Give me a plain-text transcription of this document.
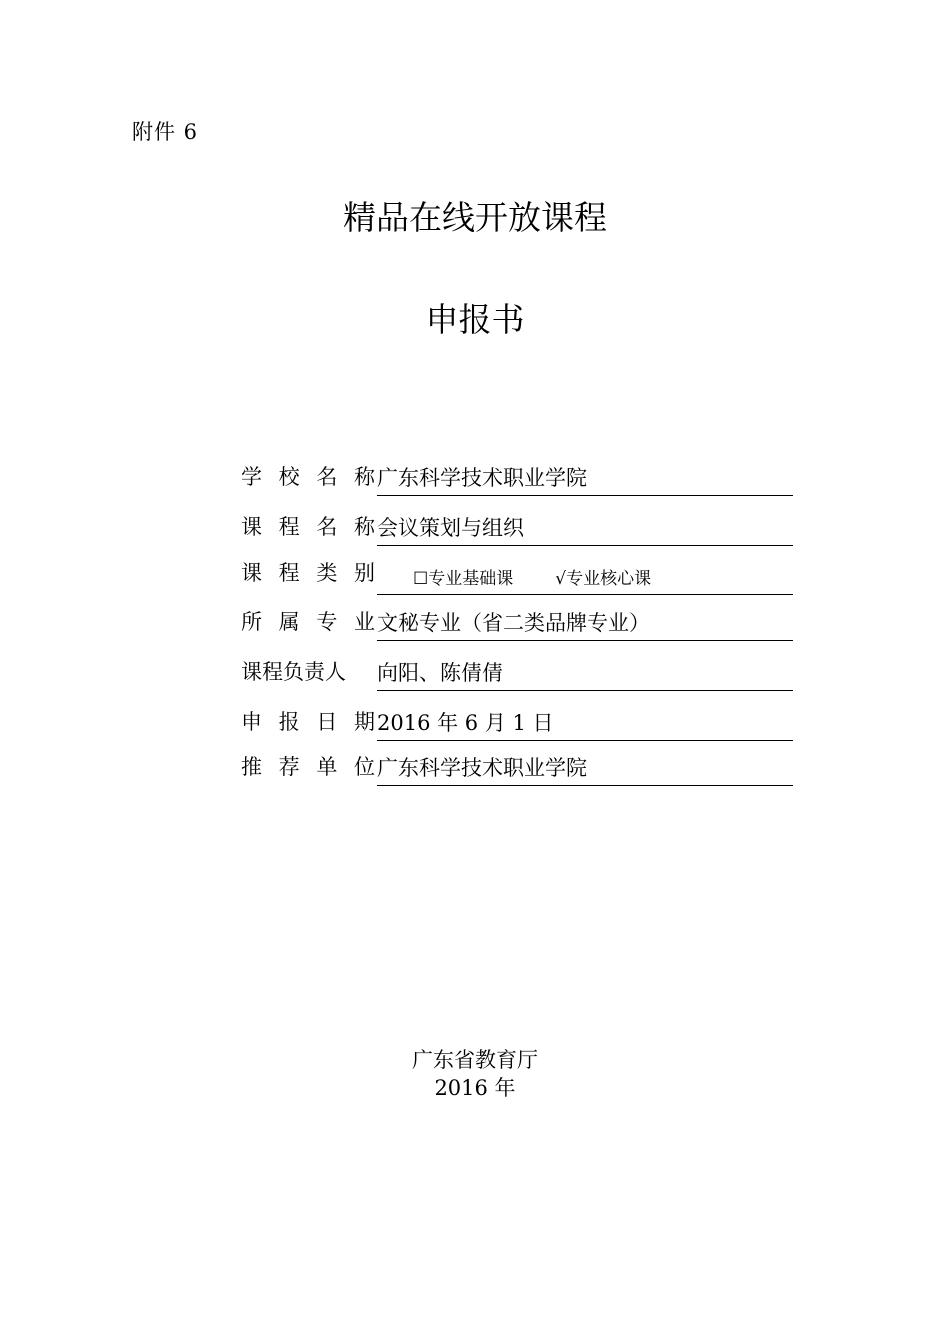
附件 6
精品在线开放课程
申报书
学 校 名 称 广东科学技术职业学院
课 程 名 称 会议策划与组织
课 程 类 别 ☐ 专业基础课 √ 专业核心课
所 属 专 业 文秘专业（省二类品牌专业）
课程负责人 向阳、陈倩倩
申 报 日 期 2016 年 6 月 1 日
推 荐 单 位 广东科学技术职业学院
广东省教育厅
2016 年
